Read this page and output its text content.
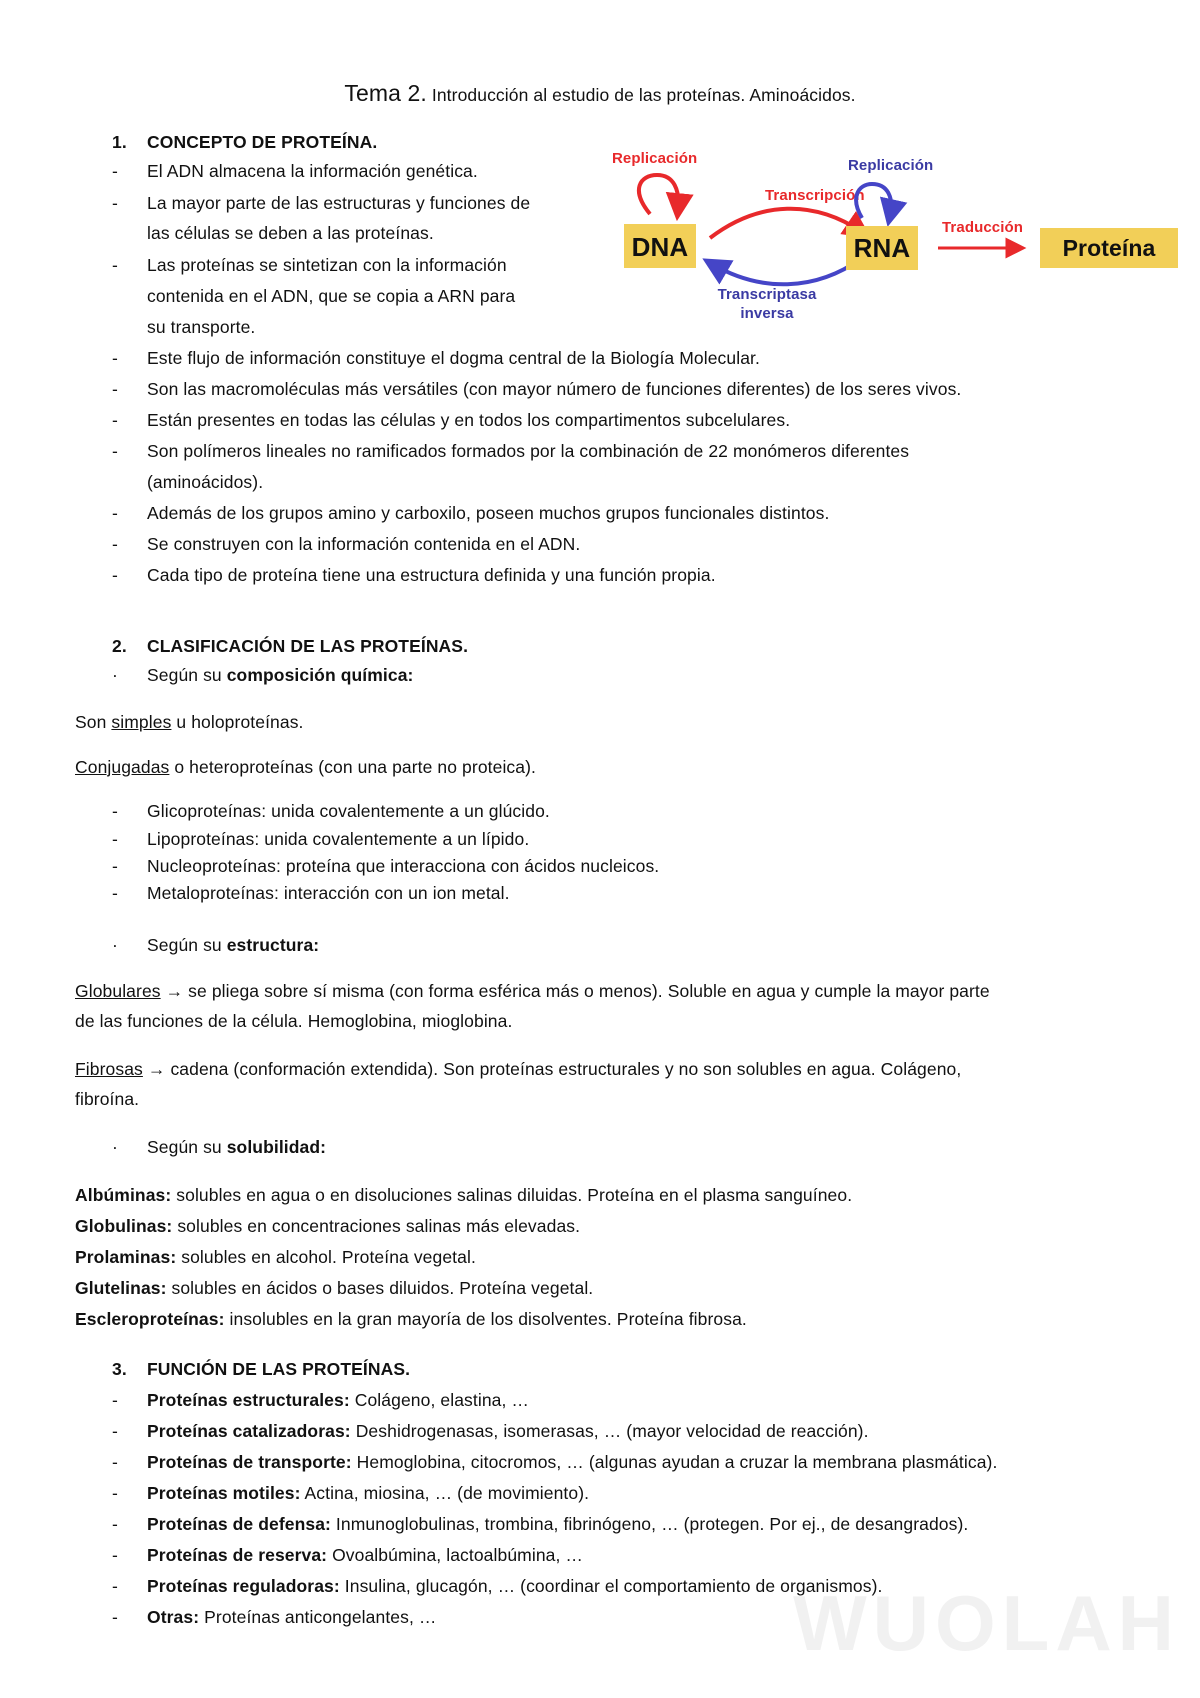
Tema 2. Introducción al estudio de las proteínas. Aminoácidos.
1.	CONCEPTO DE PROTEÍNA.
-	El ADN almacena la información genética.
-	La mayor parte de las estructuras y funciones de
las células se deben a las proteínas.
-	Las proteínas se sintetizan con la información
contenida en el ADN, que se copia a ARN para
su transporte.
-	Este flujo de información constituye el dogma central de la Biología Molecular.
-	Son las macromoléculas más versátiles (con mayor número de funciones diferentes) de los seres vivos.
-	Están presentes en todas las células y en todos los compartimentos subcelulares.
-	Son polímeros lineales no ramificados formados por la combinación de 22 monómeros diferentes
(aminoácidos).
-	Además de los grupos amino y carboxilo, poseen muchos grupos funcionales distintos.
-	Se construyen con la información contenida en el ADN.
-	Cada tipo de proteína tiene una estructura definida y una función propia.
Replicación
DNA
Transcripción
Transcriptasa
inversa
Replicación
RNA
Traducción
Proteína
2.	CLASIFICACIÓN DE LAS PROTEÍNAS.
·	Según su composición química:
Son simples u holoproteínas.
Conjugadas o heteroproteínas (con una parte no proteica).
-	Glicoproteínas: unida covalentemente a un glúcido.
-	Lipoproteínas: unida covalentemente a un lípido.
-	Nucleoproteínas: proteína que interacciona con ácidos nucleicos.
-	Metaloproteínas: interacción con un ion metal.
·	Según su estructura:
Globulares → se pliega sobre sí misma (con forma esférica más o menos). Soluble en agua y cumple la mayor parte
de las funciones de la célula. Hemoglobina, mioglobina.
Fibrosas → cadena (conformación extendida). Son proteínas estructurales y no son solubles en agua. Colágeno,
fibroína.
·	Según su solubilidad:
Albúminas: solubles en agua o en disoluciones salinas diluidas. Proteína en el plasma sanguíneo.
Globulinas: solubles en concentraciones salinas más elevadas.
Prolaminas: solubles en alcohol. Proteína vegetal.
Glutelinas: solubles en ácidos o bases diluidos. Proteína vegetal.
Escleroproteínas: insolubles en la gran mayoría de los disolventes. Proteína fibrosa.
3.	FUNCIÓN DE LAS PROTEÍNAS.
-	Proteínas estructurales: Colágeno, elastina, …
-	Proteínas catalizadoras: Deshidrogenasas, isomerasas, … (mayor velocidad de reacción).
-	Proteínas de transporte: Hemoglobina, citocromos, … (algunas ayudan a cruzar la membrana plasmática).
-	Proteínas motiles: Actina, miosina, … (de movimiento).
-	Proteínas de defensa: Inmunoglobulinas, trombina, fibrinógeno, … (protegen. Por ej., de desangrados).
-	Proteínas de reserva: Ovoalbúmina, lactoalbúmina, …
-	Proteínas reguladoras: Insulina, glucagón, … (coordinar el comportamiento de organismos).
-	Otras: Proteínas anticongelantes, …	WUOLAH
